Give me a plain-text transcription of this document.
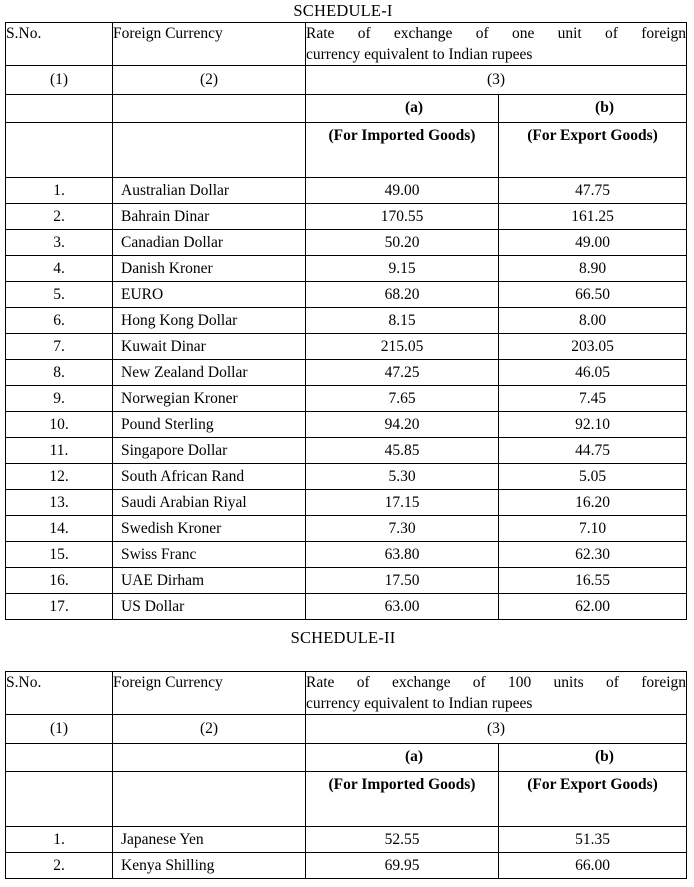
SCHEDULE-I
S.No.	Foreign Currency	Rate of exchange of one unit of foreign
currency equivalent to Indian rupees	

(1)	(2)	(3)	

		(a)	(b)

		(For Imported Goods)	(For Export Goods)
1.	Australian Dollar	49.00	47.75
2.	Bahrain Dinar	170.55	161.25
3.	Canadian Dollar	50.20	49.00
4.	Danish Kroner	9.15	8.90
5.	EURO	68.20	66.50
6.	Hong Kong Dollar	8.15	8.00
7.	Kuwait Dinar	215.05	203.05
8.	New Zealand Dollar	47.25	46.05
9.	Norwegian Kroner	7.65	7.45
10.	Pound Sterling	94.20	92.10
11.	Singapore Dollar	45.85	44.75
12.	South African Rand	5.30	5.05
13.	Saudi Arabian Riyal	17.15	16.20
14.	Swedish Kroner	7.30	7.10
15.	Swiss Franc	63.80	62.30
16.	UAE Dirham	17.50	16.55
17.	US Dollar	63.00	62.00
SCHEDULE-II
S.No.	Foreign Currency	Rate of exchange of 100 units of foreign
currency equivalent to Indian rupees	

(1)	(2)	(3)	

		(a)	(b)

		(For Imported Goods)	(For Export Goods)
1.	Japanese Yen	52.55	51.35
2.	Kenya Shilling	69.95	66.00
